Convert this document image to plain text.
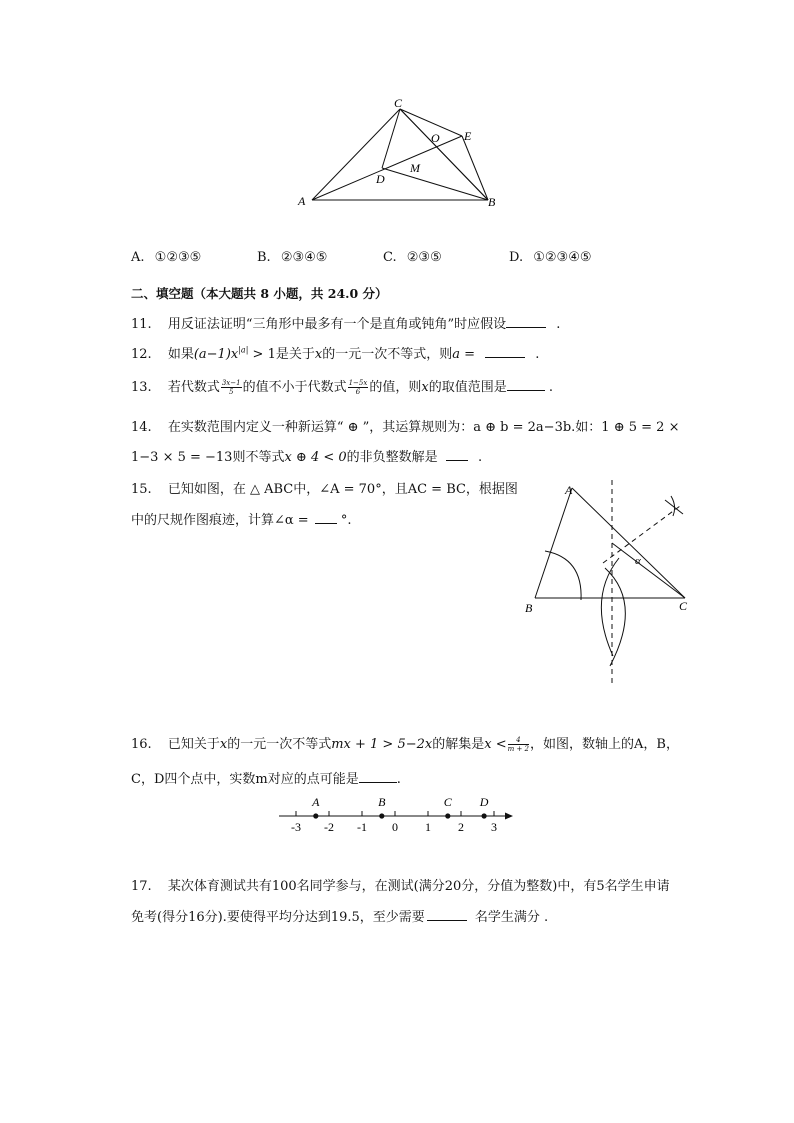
C
O E
M
D
A	B
A. ①②③⑤	B. ②③④⑤	C. ②③⑤	D. ①②③④⑤
二、填空题（本大题共 8 小题，共 24.0 分）
11. 用反证法证明“三角形中最多有一个是直角或钝角”时应假设	.
12. 如果$(a-1)x^{|a|} > 1$是关于x的一元一次不等式，则a =	.
13. 若代数式 $\frac{3x-1}{5}$ 的值不小于代数式 $\frac{1-5x}{6}$ 的值，则x的取值范围是	.
14. 在实数范围内定义一种新运算“ ⊕ ”，其运算规则为：a ⊕ b = 2a−3b.如：1 ⊕ 5 = 2 ×
1−3 × 5 = −13则不等式x ⊕ 4 < 0的非负整数解是	.
15. 已知如图，在 △ ABC中，∠A = 70°，且AC = BC，根据图
中的尺规作图痕迹，计算∠α = °.
A
B	C
α
16. 已知关于x的一元一次不等式mx + 1 > 5−2x的解集是$x < \frac{4}{m + 2}$ ，如图，数轴上的A，B，
C，D四个点中，实数m对应的点可能是	.
-3 -2 -1 0 1 2 3
A	B	C D
17. 某次体育测试共有100名同学参与，在测试(满分20分，分值为整数)中，有5名学生申请
免考(得分16分).要使得平均分达到19.5，至少需要	名学生满分 .
